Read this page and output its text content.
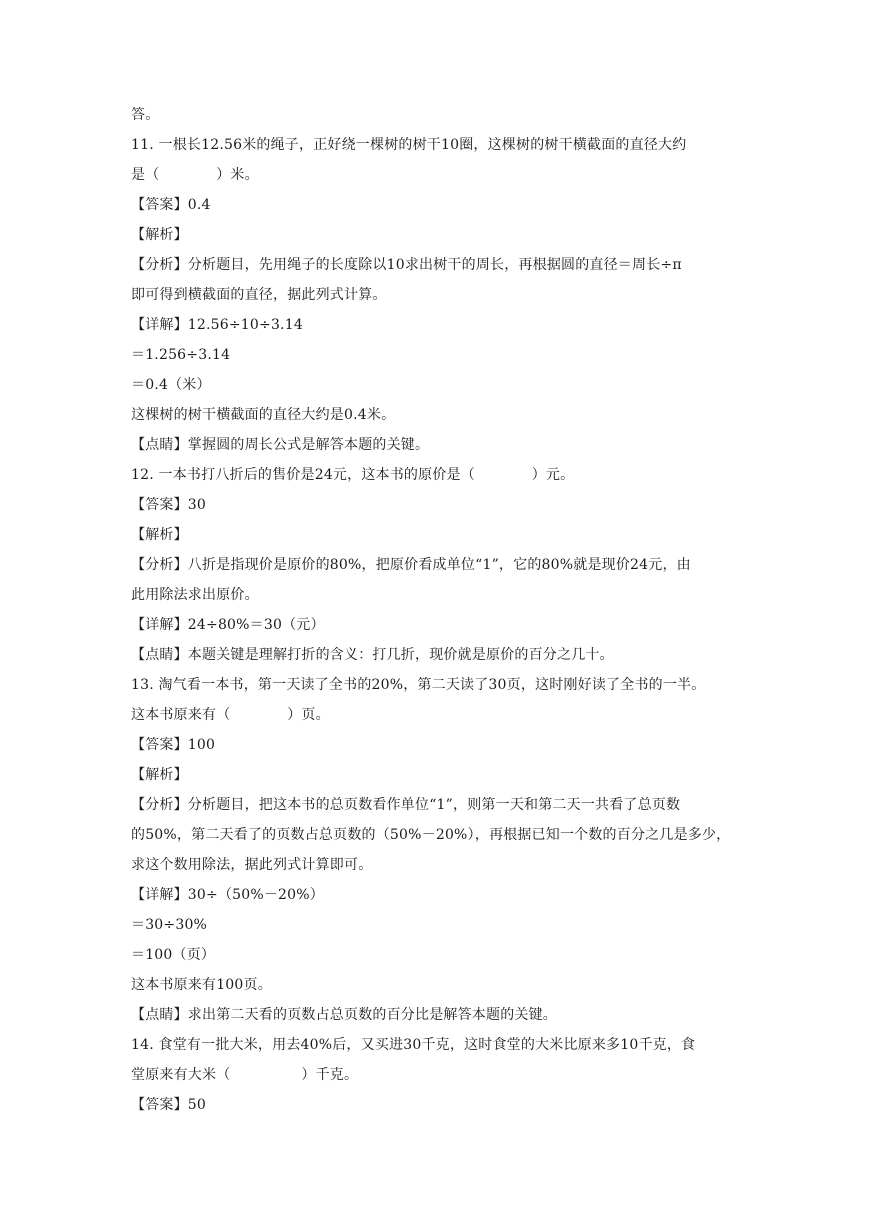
答。
11. 一根长12.56米的绳子，正好绕一棵树的树干10圈，这棵树的树干横截面的直径大约
是（　　　　）米。
【答案】0.4
【解析】
【分析】分析题目，先用绳子的长度除以10求出树干的周长，再根据圆的直径＝周长÷π
即可得到横截面的直径，据此列式计算。
【详解】12.56÷10÷3.14
＝1.256÷3.14
＝0.4（米）
这棵树的树干横截面的直径大约是0.4米。
【点睛】掌握圆的周长公式是解答本题的关键。
12. 一本书打八折后的售价是24元，这本书的原价是（　　　　）元。
【答案】30
【解析】
【分析】八折是指现价是原价的80%，把原价看成单位“1”，它的80%就是现价24元，由
此用除法求出原价。
【详解】24÷80%＝30（元）
【点睛】本题关键是理解打折的含义：打几折，现价就是原价的百分之几十。
13. 淘气看一本书，第一天读了全书的20%，第二天读了30页，这时刚好读了全书的一半。
这本书原来有（　　　　）页。
【答案】100
【解析】
【分析】分析题目，把这本书的总页数看作单位“1”，则第一天和第二天一共看了总页数
的50%，第二天看了的页数占总页数的（50%－20%），再根据已知一个数的百分之几是多少，
求这个数用除法，据此列式计算即可。
【详解】30÷（50%－20%）
＝30÷30%
＝100（页）
这本书原来有100页。
【点睛】求出第二天看的页数占总页数的百分比是解答本题的关键。
14. 食堂有一批大米，用去40%后，又买进30千克，这时食堂的大米比原来多10千克，食
堂原来有大米（　　　　　）千克。
【答案】50
